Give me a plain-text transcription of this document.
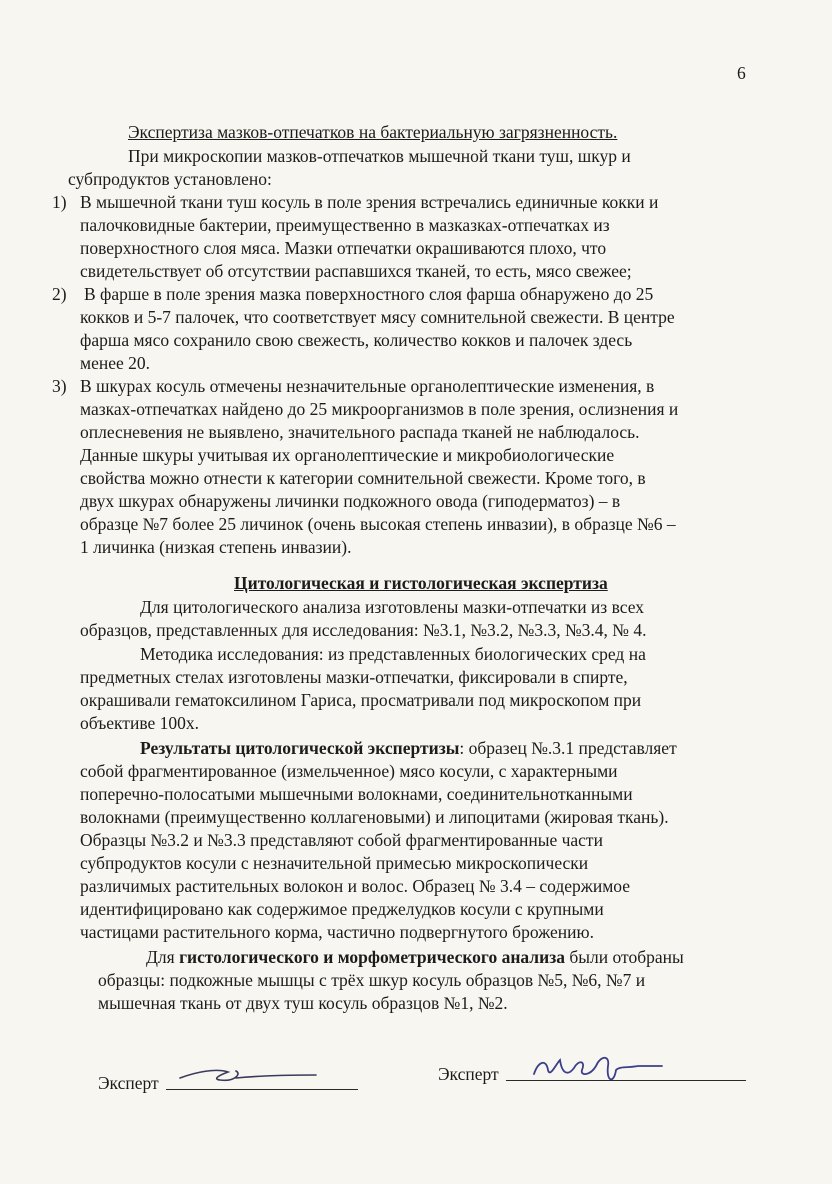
6
Экспертиза мазков-отпечатков на бактериальную загрязненность.
При микроскопии мазков-отпечатков мышечной ткани туш, шкур и
субпродуктов установлено:
1) В мышечной ткани туш косуль в поле зрения встречались единичные кокки и
палочковидные бактерии, преимущественно в мазказках-отпечатках из
поверхностного слоя мяса. Мазки отпечатки окрашиваются плохо, что
свидетельствует об отсутствии распавшихся тканей, то есть, мясо свежее;
2) В фарше в поле зрения мазка поверхностного слоя фарша обнаружено до 25
кокков и 5-7 палочек, что соответствует мясу сомнительной свежести. В центре
фарша мясо сохранило свою свежесть, количество кокков и палочек здесь
менее 20.
3) В шкурах косуль отмечены незначительные органолептические изменения, в
мазках-отпечатках найдено до 25 микроорганизмов в поле зрения, ослизнения и
оплесневения не выявлено, значительного распада тканей не наблюдалось.
Данные шкуры учитывая их органолептические и микробиологические
свойства можно отнести к категории сомнительной свежести. Кроме того, в
двух шкурах обнаружены личинки подкожного овода (гиподерматоз) – в
образце №7 более 25 личинок (очень высокая степень инвазии), в образце №6 –
1 личинка (низкая степень инвазии).
Цитологическая и гистологическая экспертиза
Для цитологического анализа изготовлены мазки-отпечатки из всех
образцов, представленных для исследования: №3.1, №3.2, №3.3, №3.4, № 4.
Методика исследования: из представленных биологических сред на
предметных стелах изготовлены мазки-отпечатки, фиксировали в спирте,
окрашивали гематоксилином Гариса, просматривали под микроскопом при
объективе 100х.
Результаты цитологической экспертизы: образец №.3.1 представляет
собой фрагментированное (измельченное) мясо косули, с характерными
поперечно-полосатыми мышечными волокнами, соединительнотканными
волокнами (преимущественно коллагеновыми) и липоцитами (жировая ткань).
Образцы №3.2 и №3.3 представляют собой фрагментированные части
субпродуктов косули с незначительной примесью микроскопически
различимых растительных волокон и волос. Образец № 3.4 – содержимое
идентифицировано как содержимое преджелудков косули с крупными
частицами растительного корма, частично подвергнутого брожению.
Для гистологического и морфометрического анализа были отобраны
образцы: подкожные мышцы с трёх шкур косуль образцов №5, №6, №7 и
мышечная ткань от двух туш косуль образцов №1, №2.
Эксперт	Эксперт
